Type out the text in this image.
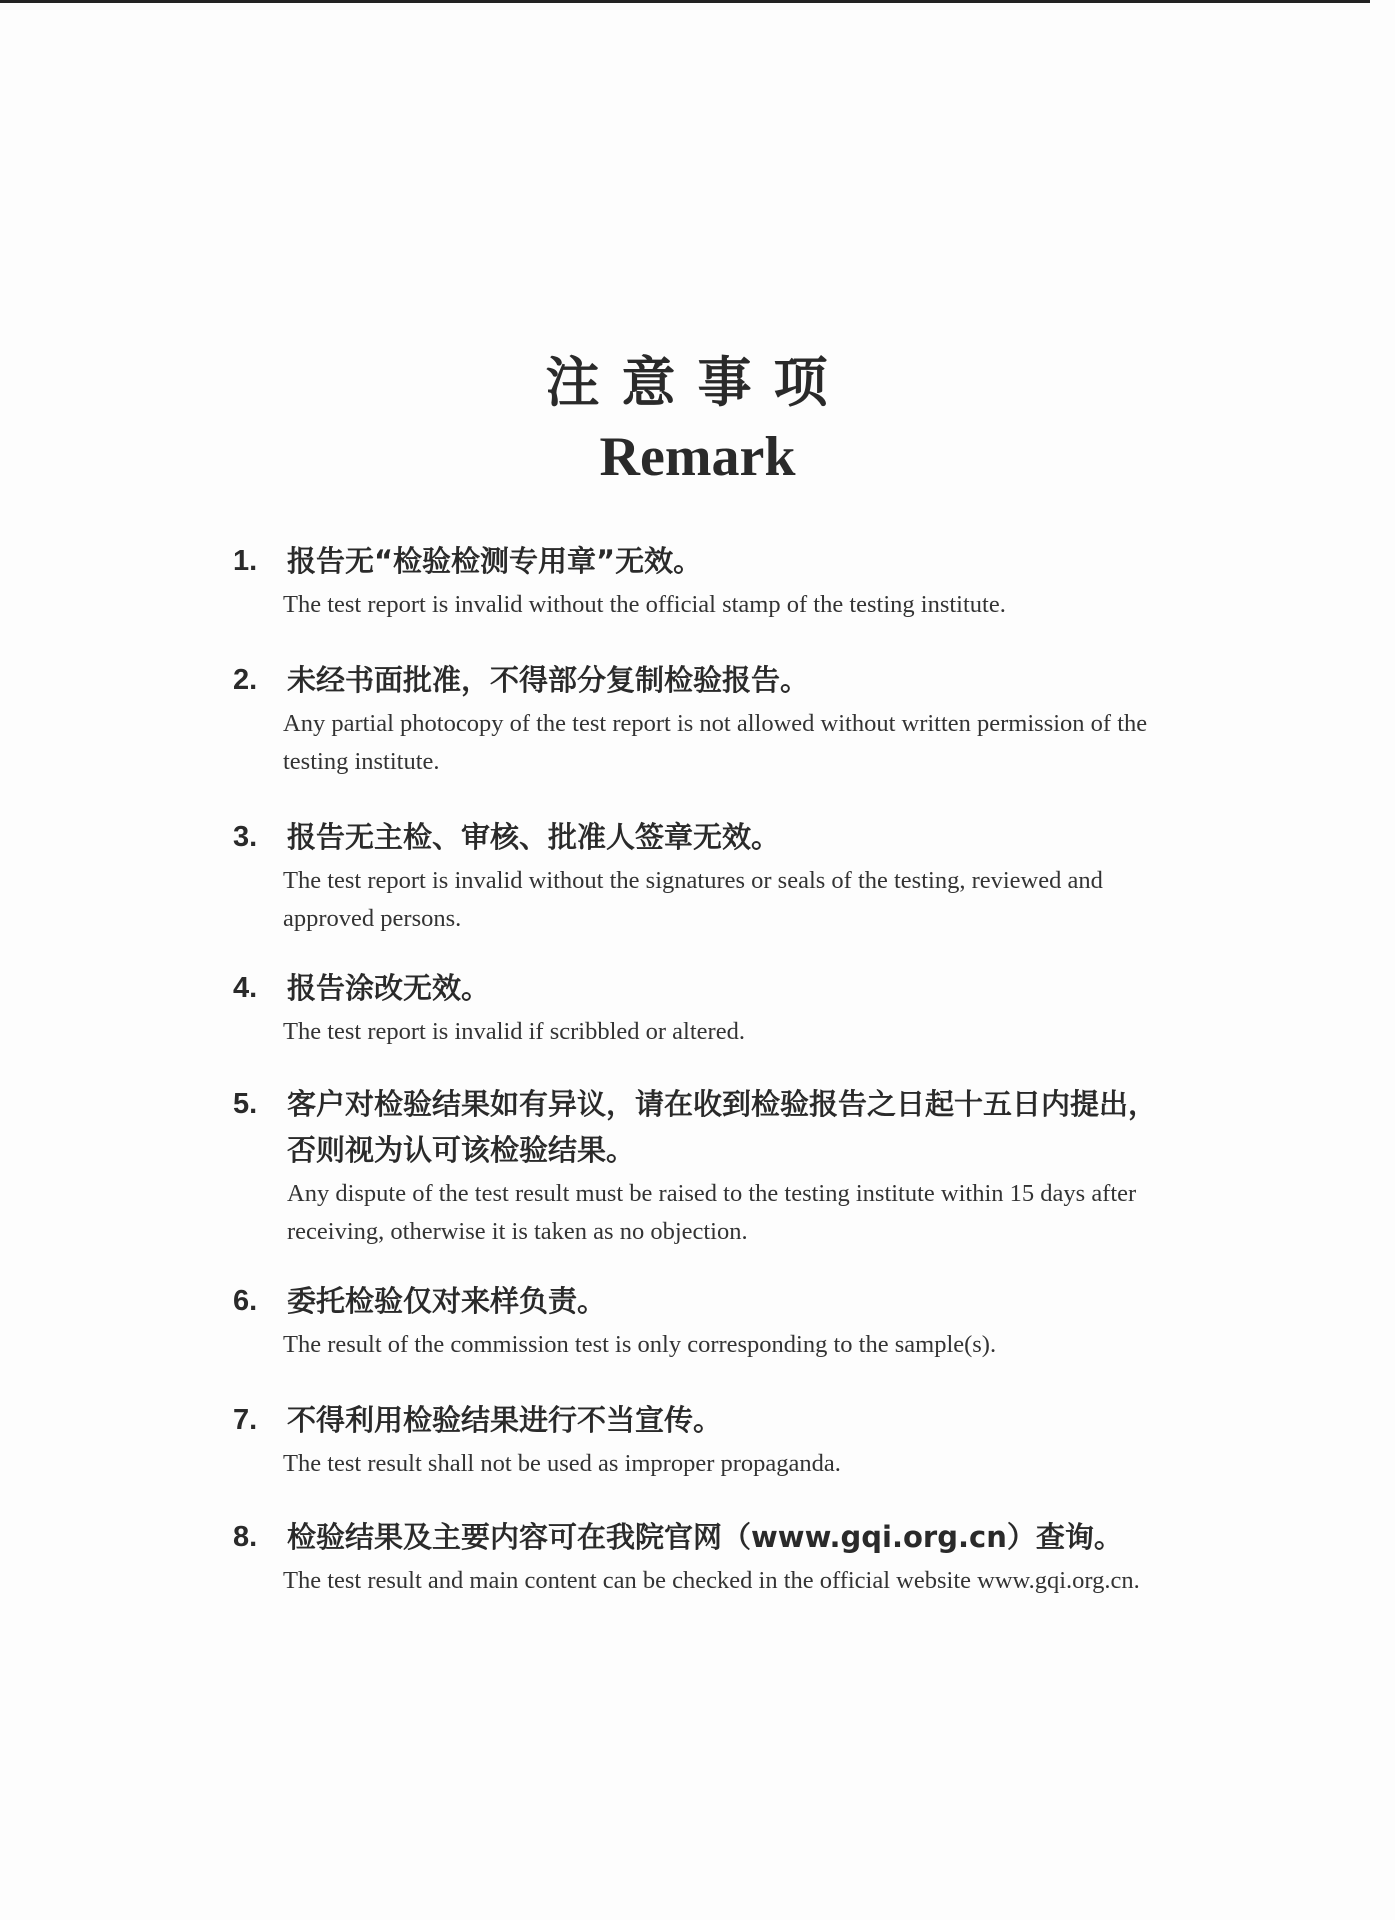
注意事项
Remark
1. 报告无“检验检测专用章”无效。
The test report is invalid without the official stamp of the testing institute.
2. 未经书面批准，不得部分复制检验报告。
Any partial photocopy of the test report is not allowed without written permission of the testing institute.
3. 报告无主检、审核、批准人签章无效。
The test report is invalid without the signatures or seals of the testing, reviewed and approved persons.
4. 报告涂改无效。
The test report is invalid if scribbled or altered.
5. 客户对检验结果如有异议，请在收到检验报告之日起十五日内提出，否则视为认可该检验结果。
Any dispute of the test result must be raised to the testing institute within 15 days after receiving, otherwise it is taken as no objection.
6. 委托检验仅对来样负责。
The result of the commission test is only corresponding to the sample(s).
7. 不得利用检验结果进行不当宣传。
The test result shall not be used as improper propaganda.
8. 检验结果及主要内容可在我院官网（www.gqi.org.cn）查询。
The test result and main content can be checked in the official website www.gqi.org.cn.
